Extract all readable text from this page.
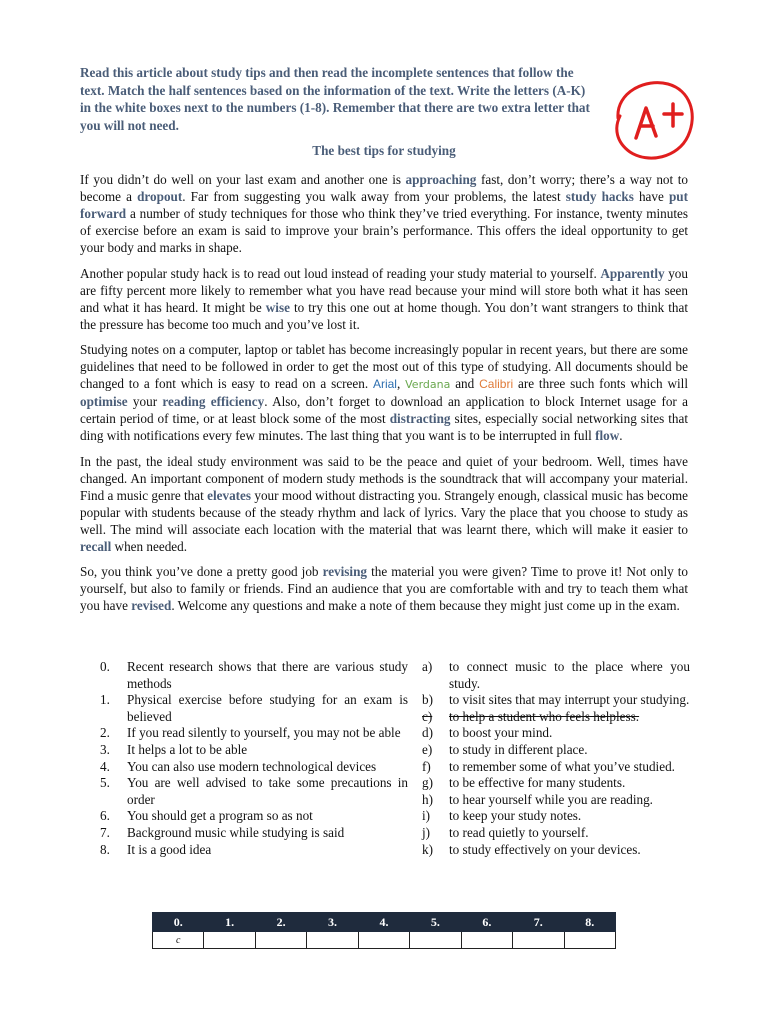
Read this article about study tips and then read the incomplete sentences that follow the text. Match the half sentences based on the information of the text. Write the letters (A-K) in the white boxes next to the numbers (1-8). Remember that there are two extra letter that you will not need.

The best tips for studying

If you didn’t do well on your last exam and another one is approaching fast, don’t worry; there’s a way not to become a dropout. Far from suggesting you walk away from your problems, the latest study hacks have put forward a number of study techniques for those who think they’ve tried everything. For instance, twenty minutes of exercise before an exam is said to improve your brain’s performance. This offers the ideal opportunity to get your body and marks in shape.

Another popular study hack is to read out loud instead of reading your study material to yourself. Apparently you are fifty percent more likely to remember what you have read because your mind will store both what it has seen and what it has heard. It might be wise to try this one out at home though. You don’t want strangers to think that the pressure has become too much and you’ve lost it.

Studying notes on a computer, laptop or tablet has become increasingly popular in recent years, but there are some guidelines that need to be followed in order to get the most out of this type of studying. All documents should be changed to a font which is easy to read on a screen. Arial, Verdana and Calibri are three such fonts which will optimise your reading efficiency. Also, don’t forget to download an application to block Internet usage for a certain period of time, or at least block some of the most distracting sites, especially social networking sites that ding with notifications every few minutes. The last thing that you want is to be interrupted in full flow.

In the past, the ideal study environment was said to be the peace and quiet of your bedroom. Well, times have changed. An important component of modern study methods is the soundtrack that will accompany your material. Find a music genre that elevates your mood without distracting you. Strangely enough, classical music has become popular with students because of the steady rhythm and lack of lyrics. Vary the place that you choose to study as well. The mind will associate each location with the material that was learnt there, which will make it easier to recall when needed.

So, you think you’ve done a pretty good job revising the material you were given? Time to prove it! Not only to yourself, but also to family or friends. Find an audience that you are comfortable with and try to teach them what you have revised. Welcome any questions and make a note of them because they might just come up in the exam.

A+
0.	Recent research shows that there are various study methods
1.	Physical exercise before studying for an exam is believed
2.	If you read silently to yourself, you may not be able
3.	It helps a lot to be able
4.	You can also use modern technological devices
5.	You are well advised to take some precautions in order
6.	You should get a program so as not
7.	Background music while studying is said
8.	It is a good idea
a)	to connect music to the place where you study.
b)	to visit sites that may interrupt your studying.
c)	to help a student who feels helpless.
d)	to boost your mind.
e)	to study in different place.
f)	to remember some of what you’ve studied.
g)	to be effective for many students.
h)	to hear yourself while you are reading.
i)	to keep your study notes.
j)	to read quietly to yourself.
k)	to study effectively on your devices.
0.	1.	2.	3.	4.	5.	6.	7.	8.
c								
